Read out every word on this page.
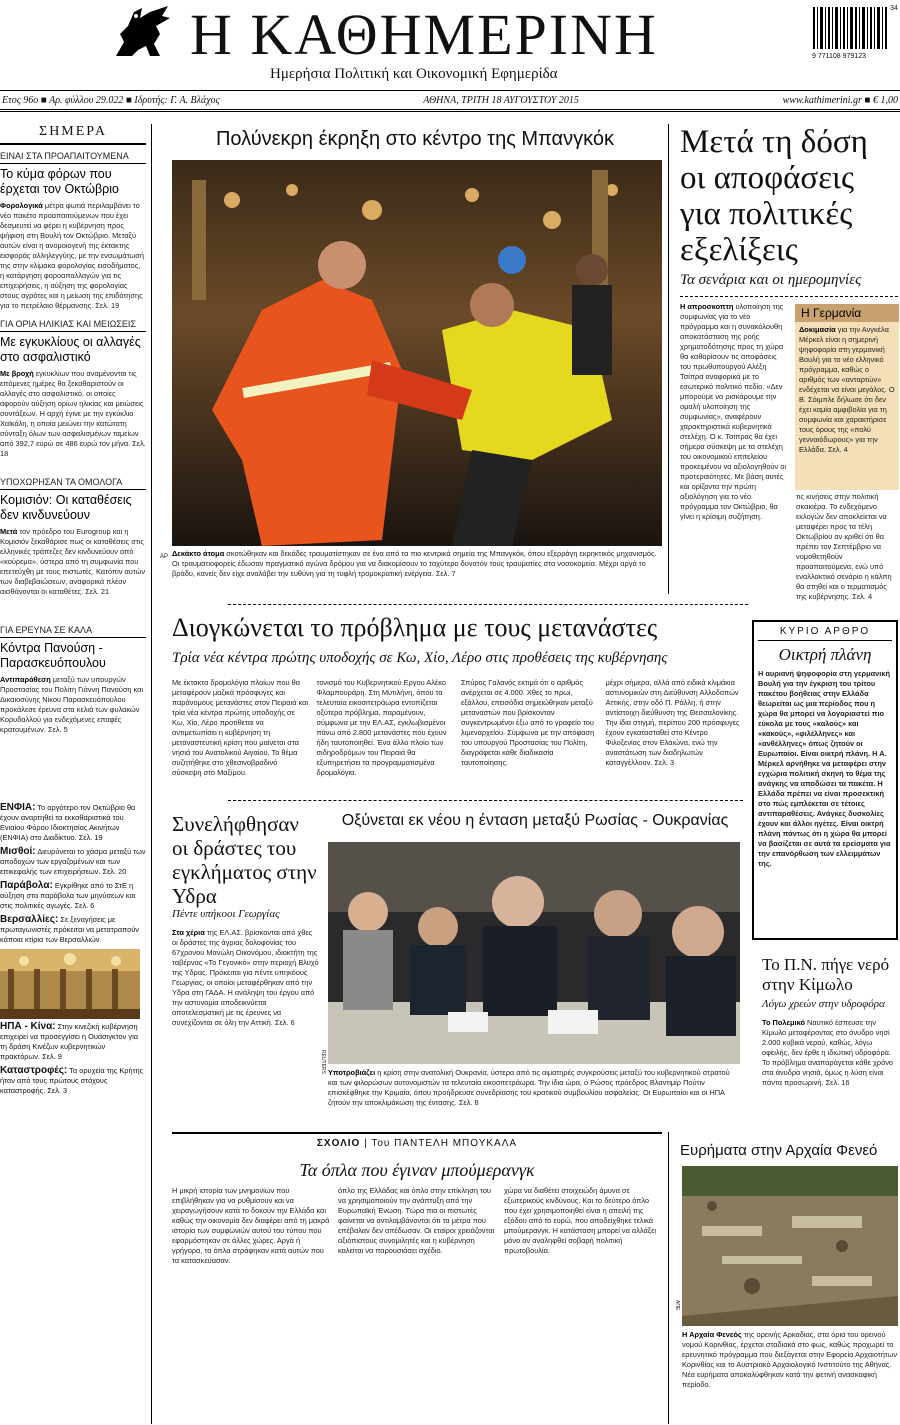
Η ΚΑΘΗΜΕΡΙΝΗ
Ημερήσια Πολιτική και Οικονομική Εφημερίδα
34
9 771108 979123
Ετος 96ο ■ Αρ. φύλλου 29.022 ■ Ιδρυτής: Γ. Α. Βλάχος	ΑΘΗΝΑ, ΤΡΙΤΗ 18 ΑΥΓΟΥΣΤΟΥ 2015	www.kathimerini.gr ■ € 1,00
ΣΗΜΕΡΑ
ΕΙΝΑΙ ΣΤΑ ΠΡΟΑΠΑΙΤΟΥΜΕΝΑ
Το κύμα φόρων που έρχεται τον Οκτώβριο
Φορολογικά μέτρα φωτιά περιλαμβάνει το νέο πακέτο προαπαιτούμενων που έχει δεσμευτεί να φέρει η κυβέρνηση προς ψήφιση στη Βουλή τον Οκτώβριο. Μεταξύ αυτών είναι η ανομοιογενή της έκτακτης εισφοράς αλληλεγγύης, με την ενσωμάτωσή της στην κλίμακα φορολογίας εισοδήματος, η κατάργηση φοροαπαλλαγών για τις επιχειρήσεις, η αύξηση της φορολογίας στους αγρότες και η μείωση της επιδότησης για το πετρέλαιο θέρμανσης. Σελ. 19
ΓΙΑ ΟΡΙΑ ΗΛΙΚΙΑΣ ΚΑΙ ΜΕΙΩΣΕΙΣ
Με εγκυκλίους οι αλλαγές στο ασφαλιστικό
Με βροχή εγκυκλίων που αναμένονται τις επόμενες ημέρες θα ξεκαθαριστούν οι αλλαγές στο ασφαλιστικό, οι οποίες αφορούν αύξηση ορίων ηλικίας και μειώσεις συντάξεων. Η αρχή έγινε με την εγκύκλιο Χαϊκάλη, η οποία μειώνει την κατώτατη σύνταξη όλων των ασφαλισμένων ταμείων από 392,7 ευρώ σε 486 ευρώ τον μήνα. Σελ. 18
ΥΠΟΧΩΡΗΣΑΝ ΤΑ ΟΜΟΛΟΓΑ
Κομισιόν: Οι καταθέσεις δεν κινδυνεύουν
Μετά τον πρόεδρο του Eurogroup και η Κομισιόν ξεκαθάρισε πως οι καταθέσεις στις ελληνικές τράπεζες δεν κινδυνεύουν από «κούρεμα», ύστερα από τη συμφωνία που επετεύχθη με τους πιστωτές. Κατόπιν αυτών των διαβεβαιώσεων, αναφορικά πλέον αισθάνονται οι καταθέτες. Σελ. 21
ΓΙΑ ΕΡΕΥΝΑ ΣΕ ΚΑΛΑ
Κόντρα Πανούση - Παρασκευόπουλου
Αντιπαράθεση μεταξύ των υπουργών Προστασίας του Πολίτη Γιάννη Πανούση και Δικαιοσύνης Νίκου Παρασκευόπουλου προκάλεσε έρευνα στα κελιά των φυλακών Κορυδαλλού για ενδεχόμενες επαφές κρατουμένων. Σελ. 5
ΕΝΦΙΑ: Το αργότερο τον Οκτώβριο θα έχουν αναρτηθεί τα εκκαθαριστικά του Ενιαίου Φόρου Ιδιοκτησίας Ακινήτων (ΕΝΦΙΑ) στο Διαδίκτυο. Σελ. 19
Μισθοί: Διευρύνεται το χάσμα μεταξύ των αποδοχών των εργαζομένων και των επικεφαλής των επιχειρήσεων. Σελ. 20
Παράβολα: Εγκρίθηκε από το ΣτΕ η αύξηση στα παράβολα των μηνύσεων και στις πολιτικές αγωγές. Σελ. 6
Βερσαλλίες: Σε ξεναγήσεις με πρωταγωνιστές πρόκειται να μετατραπούν κάποια κτίρια των Βερσαλλιών.
ΗΠΑ - Κίνα: Στην κινεζική κυβέρνηση επιχειρεί να προσεγγίσει η Ουάσιγκτον για τη δράση Κινέζων κυβερνητικών πρακτόρων. Σελ. 9
Καταστροφές: Τα ορυχεία της Κρήτης ήταν από τους πρώτους στόχους καταστροφής. Σελ. 3
Πολύνεκρη έκρηξη στο κέντρο της Μπανγκόκ
AP Δεκάκτο άτομα σκοτώθηκαν και δεκάδες τραυματίστηκαν σε ένα από τα πιο κεντρικά σημεία της Μπανγκόκ, όπου εξερράγη εκρηκτικός μηχανισμός. Οι τραυματιοφορείς έδωσαν πραγματικό αγώνα δρόμου για να διακομίσουν το ταχύτερο δυνατόν τους τραυματίες στα νοσοκομεία. Μέχρι αργά το βράδυ, κανείς δεν είχε αναλάβει την ευθύνη για τη τυφλή τρομοκρατική ενέργεια. Σελ. 7
Μετά τη δόση οι αποφάσεις για πολιτικές εξελίξεις
Τα σενάρια και οι ημερομηνίες
Η απροσκοπτη υλοποίηση της συμφωνίας για το νέο πρόγραμμα και η συνακόλουθη αποκατάσταση της ροής χρηματοδότησης προς τη χώρα θα καθορίσουν τις αποφάσεις του πρωθυπουργού Αλέξη Τσίπρα αναφορικά με το εσωτερικό πολιτικό πεδίο. «Δεν μπορούμε να ρισκάρουμε την ομαλή υλοποίηση της συμφωνίας», αναφέρουν χαρακτηριστικά κυβερνητικά στελέχη. Ο κ. Τσίπρας θα έχει σήμερα σύσκεψη με τα στελέχη του οικονομικού επιτελείου προκειμένου να αξιολογηθούν οι προτεραιότητες. Με βάση αυτές και ορίζοντα την πρώτη αξιολόγηση για το νέο πρόγραμμα τον Οκτώβριο, θα γίνει η κρίσιμη συζήτηση.
Η Γερμανία
Δοκιμασία για την Ανγκέλα Μέρκελ είναι η σημερινή ψηφοφορία στη γερμανική Βουλή για το νέο ελληνικό πρόγραμμα, καθώς ο αριθμός των «ανταρτών» ενδέχεται να είναι μεγάλος. Ο Β. Σόιμπλε δήλωσε ότι δεν έχει καμία αμφιβολία για τη συμφωνία και χαρακτήρισε τους όρους της «πολύ γενναιόδωρους» για την Ελλάδα. Σελ. 4
τις κινήσεις στην πολιτική σκακιέρα. Το ενδεχόμενο εκλογών δεν αποκλείεται να μεταφέρει προς τα τέλη Οκτωβρίου αν κριθεί ότι θα πρέπει τον Σεπτέμβριο να νομοθετηθούν προαπαιτούμενα, ενώ υπό εναλλακτικό σενάριο η κάλπη θα στηθεί και ο τερματισμός της κυβέρνησης. Σελ. 4
Διογκώνεται το πρόβλημα με τους μετανάστες
Τρία νέα κέντρα πρώτης υποδοχής σε Κω, Χίο, Λέρο στις προθέσεις της κυβέρνησης
Με έκτακτα δρομολόγια πλοίων που θα μεταφέρουν μαζικά πρόσφυγες και παράνομους μετανάστες στον Πειραιά και τρία νέα κέντρα πρώτης υποδοχής σε Κω, Χίο, Λέρο προτίθεται να αντιμετωπίσει η κυβέρνηση τη μεταναστευτική κρίση που μαίνεται στα νησιά του Ανατολικού Αιγαίου. Το θέμα συζητήθηκε στο χθεσινοβραδινό σύσκεψη στο Μαξίμου.
τονισμό του Κυβερνητικού Εργου Αλέκο Φλαμπουράρη. Στη Μυτιλήνη, όπου τα τελευταία εικοσιτετράωρα εντοπίζεται οξύτερο πρόβλημα, παραμένουν, σύμφωνα με την ΕΛ.ΑΣ, εγκλωβισμένοι πάνω από 2.800 μετανάστες που έχουν ήδη ταυτοποιηθεί. Ένα άλλο πλοίο των σιδηροδρόμων του Πειραιά θα εξυπηρετήσει τα προγραμματισμένα δρομολόγια.
Σπύρος Γαλανός εκτιμά ότι ο αριθμός ανέρχεται σε 4.000. Χθες το πρωί, εξάλλου, επεισόδια σημειώθηκαν μεταξύ μεταναστών που βρίσκονταν συγκεντρωμένοι έξω από το γραφείο του λιμεναρχείου. Σύμφωνα με την απόφαση του υπουργού Προστασίας του Πολίτη, διαγράφεται κάθε διαδικασία ταυτοποίησης.
μέχρι σήμερα, αλλά από ειδικά κλιμάκια αστυνομικών στη Διεύθυνση Αλλοδαπών Αττικής, στην οδό Π. Ράλλη, ή στην αντίστοιχη διεύθυνση της Θεσσαλονίκης. Την ίδια στιγμή, περίπου 200 πρόσφυγες έχουν εγκατασταθεί στο Κέντρο Φιλοξενίας στον Ελαιώνα, ενώ την αναστάτωση των διαδηλωτών καταγγέλλουν. Σελ. 3
ΚΥΡΙΟ ΑΡΘΡΟ
Οικτρή πλάνη
Η αυριανή ψηφοφορία στη γερμανική Βουλή για την έγκριση του τρίτου πακέτου βοήθειας στην Ελλάδα θεωρείται ως μια περίοδος που η χώρα θα μπορεί να λογαριαστεί πιο εύκολα με τους «καλούς» και «κακούς», «φιλέλληνες» και «ανθέλληνες» όπως ζητούν οι Ευρωπαίοι. Είναι οικτρή πλάνη. Η Α. Μέρκελ αρνήθηκε να μεταφέρει στην εγχώρια πολιτική σκηνή το θέμα της ανάγκης να αποδώσει τα πακέτα. Η Ελλάδα πρέπει να είναι προσεκτική στο πώς εμπλέκεται σε τέτοιες αντιπαραθέσεις. Ανάγκες δυσκολίες έχουν και άλλοι ηγέτες. Είναι οικτρή πλάνη πάντως ότι η χώρα θα μπορεί να βασίζεται σε αυτά τα ερείσματα για την επανόρθωση των ελλειμμάτων της.
Συνελήφθησαν οι δράστες του εγκλήματος στην Υδρα
Πέντε υπήκοοι Γεωργίας
Στα χέρια της ΕΛ.ΑΣ. βρίσκονται από χθες οι δράστες της άγριας δολοφονίας του 67χρονου Μανώλη Οικονόμου, ιδιοκτήτη της ταβέρνας «Το Γεγονικό» στην περιοχή Βλυχό της Υδρας. Πρόκειται για πέντε υπηκόους Γεωργίας, οι οποίοι μεταφέρθηκαν από την Υδρα στη ΓΑΔΑ. Η ανάληψη του έργου από την αστυνομία αποδεικνύεται αποτελεσματική με τις έρευνες να συνεχίζονται σε όλη την Αττική. Σελ. 6
Οξύνεται εκ νέου η ένταση μεταξύ Ρωσίας - Ουκρανίας
REUTERS Υποτροβιάζει η κρίση στην ανατολική Ουκρανία, ύστερα από τις αιματηρές συγκρούσεις μεταξύ του κυβερνητικού στρατού και των φιλορώσων αυτονομιστών τα τελευταία εικοσιτετράωρα. Την ίδια ώρα, ο Ρώσος πρόεδρος Βλαντιμίρ Πούτιν επισκέφθηκε την Κριμαία, όπου προήδρευσε συνεδρίασης του κρατικού συμβουλίου ασφαλείας. Οι Ευρωπαίοι και οι ΗΠΑ ζητούν την αποκλιμάκωση της έντασης. Σελ. 8
Το Π.Ν. πήγε νερό στην Κίμωλο
Λόγω χρεών στην υδροφόρα
Το Πολεμικό Ναυτικό έσπευσε την Κίμωλο μεταφέροντας στο άνυδρο νησί 2.000 κυβικά νερού, καθώς, λόγω οφειλής, δεν έρθε η ιδιωτική υδροφόρα. Το πρόβλημα αναπαράγεται κάθε χρόνο στα άνυδρα νησιά, όμως η λύση είναι πάντα προσωρινή. Σελ. 16
ΣΧΟΛΙΟ | Του ΠΑΝΤΕΛΗ ΜΠΟΥΚΑΛΑ
Τα όπλα που έγιναν μπούμερανγκ
Η μικρή ιστορία των μνημονίων που επιβλήθηκαν για να ρυθμίσουν και να χειραγωγήσουν κατά το δοκούν την Ελλάδα και καθώς την οικονομία δεν διαφέρει από τη μακρά ιστορία των συμφωνιών αυτού του τύπου που εφαρμόστηκαν σε άλλες χώρες. Αργά ή γρήγορα, τα όπλα στράφηκαν κατά αυτών που τα κατασκεύασαν.
όπλο της Ελλάδας και όπλο στην επίκληση του να χρησιμοποιούν την ανάπτυξη από την Ευρωπαϊκή Ένωση. Τώρα πια οι πιστωτές φαίνεται να αντιλαμβάνονται ότι τα μέτρα που επέβαλαν δεν απέδωσαν. Οι εταίροι χρειάζονται αξιόπιστους συνομιλητές και η κυβέρνηση καλείται να παρουσιάσει σχέδιο.
χώρα να διαθέτει στοιχειώδη άμυνα σε εξωτερικούς κινδύνους. Και το δεύτερο όπλο που έχει χρησιμοποιηθεί είναι η απειλή της εξόδου από το ευρώ, που αποδείχθηκε τελικά μπούμερανγκ. Η κατάσταση μπορεί να αλλάξει μόνο αν αναληφθεί σοβαρή πολιτική πρωτοβουλία.
Ευρήματα στην Αρχαία Φενεό
ΑΠΕ
Η Αρχαία Φενεός της ορεινής Αρκαδίας, στα όρια του ορεινού νομού Κορινθίας, έρχεται σταδιακά στο φως, καθώς προχωρεί το ερευνητικό πρόγραμμα που διεξάγεται στην Εφορεία Αρχαιοτήτων Κορινθίας και το Αυστριακό Αρχαιολογικό Ινστιτούτο της Αθήνας. Νέα ευρήματα αποκαλύφθηκαν κατά την φετινή ανασκαφική περίοδο.
